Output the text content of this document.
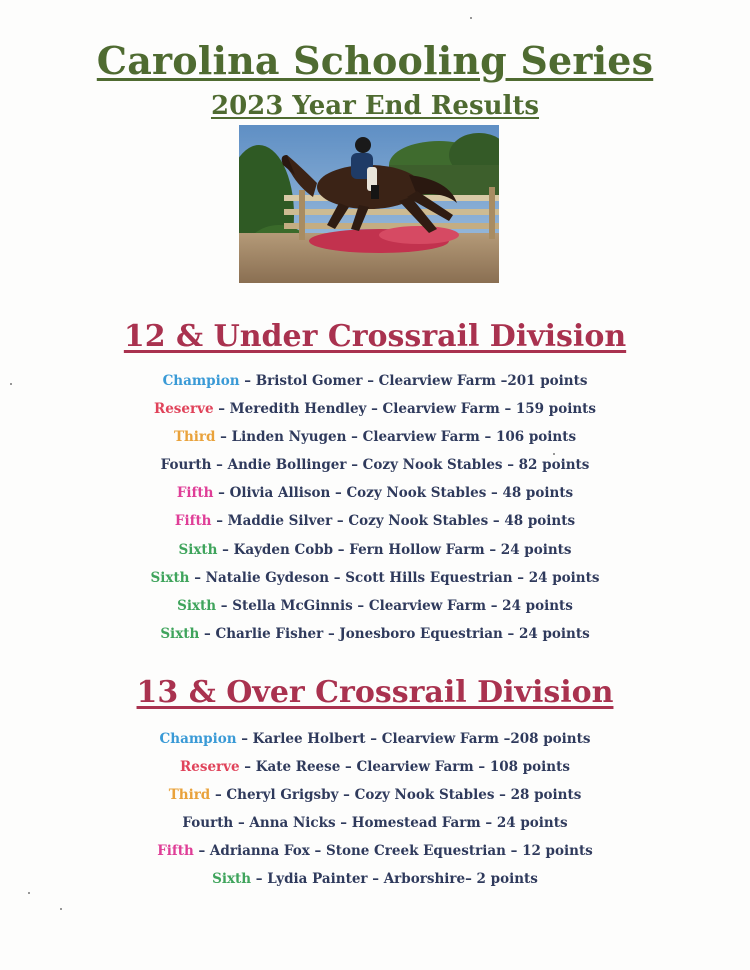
Carolina Schooling Series
2023 Year End Results
12 & Under Crossrail Division
Champion – Bristol Gomer – Clearview Farm –201 points
Reserve – Meredith Hendley – Clearview Farm – 159 points
Third – Linden Nyugen – Clearview Farm – 106 points
Fourth – Andie Bollinger – Cozy Nook Stables – 82 points
Fifth – Olivia Allison – Cozy Nook Stables – 48 points
Fifth – Maddie Silver – Cozy Nook Stables – 48 points
Sixth – Kayden Cobb – Fern Hollow Farm – 24 points
Sixth – Natalie Gydeson – Scott Hills Equestrian – 24 points
Sixth – Stella McGinnis – Clearview Farm – 24 points
Sixth – Charlie Fisher – Jonesboro Equestrian – 24 points
13 & Over Crossrail Division
Champion – Karlee Holbert – Clearview Farm –208 points
Reserve – Kate Reese – Clearview Farm – 108 points
Third – Cheryl Grigsby – Cozy Nook Stables – 28 points
Fourth – Anna Nicks – Homestead Farm – 24 points
Fifth – Adrianna Fox – Stone Creek Equestrian – 12 points
Sixth – Lydia Painter – Arborshire– 2 points
